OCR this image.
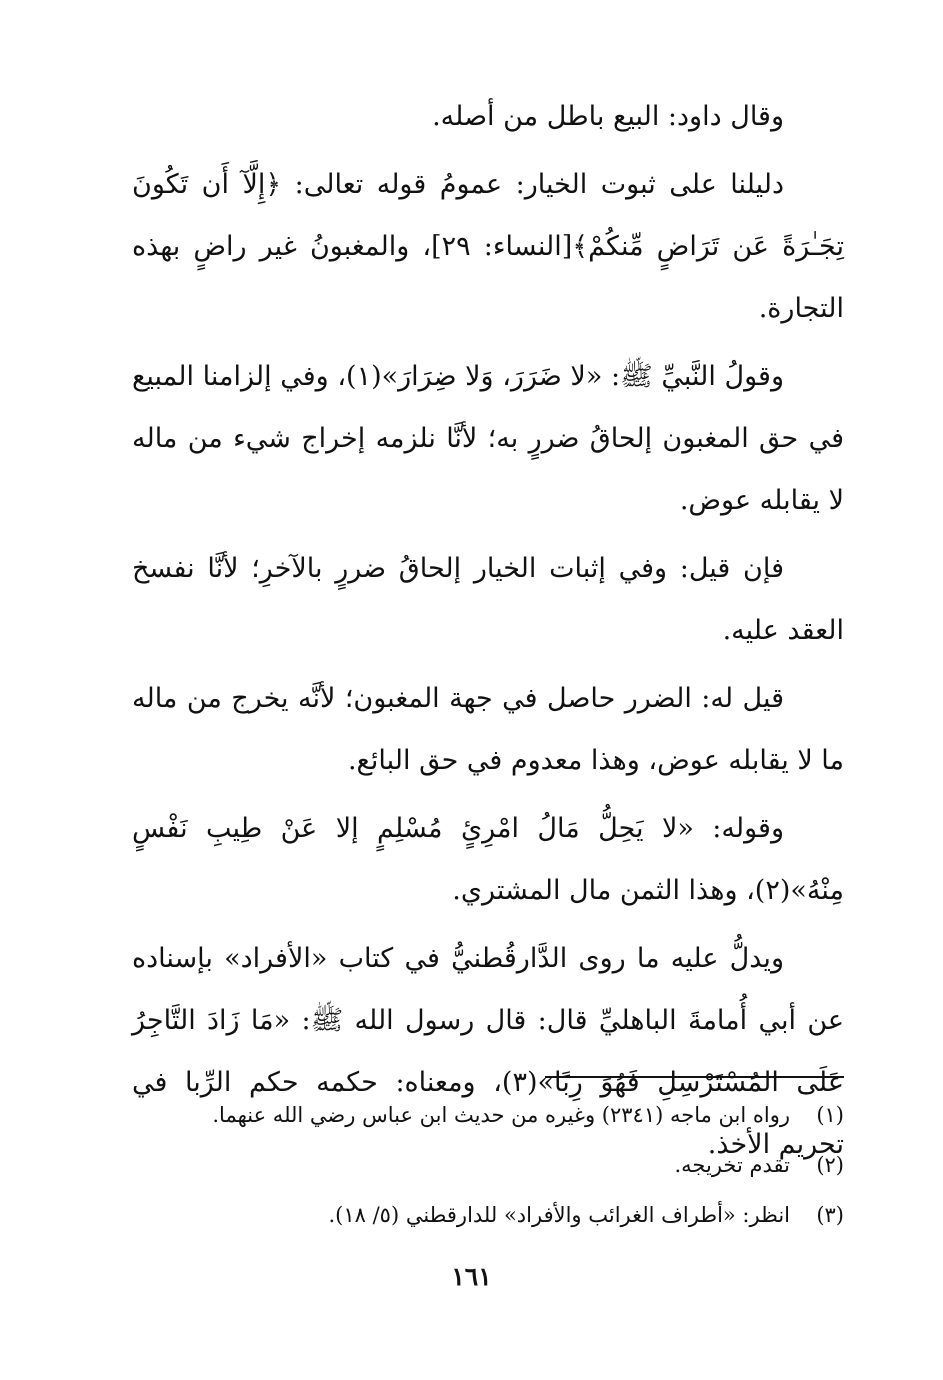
وقال داود: البيع باطل من أصله.

دليلنا على ثبوت الخيار: عمومُ قوله تعالى: ﴿إِلَّآ أَن تَكُونَ تِجَـٰرَةً عَن تَرَاضٍ مِّنكُمْ﴾[النساء: ٢٩]، والمغبونُ غير راضٍ بهذه التجارة.

وقولُ النَّبيِّ ﷺ: «لا ضَرَرَ، وَلا ضِرَارَ»(١)، وفي إلزامنا المبيع في حق المغبون إلحاقُ ضررٍ به؛ لأنَّا نلزمه إخراج شيء من ماله لا يقابله عوض.

فإن قيل: وفي إثبات الخيار إلحاقُ ضررٍ بالآخرِ؛ لأنَّا نفسخ العقد عليه.

قيل له: الضرر حاصل في جهة المغبون؛ لأنَّه يخرج من ماله ما لا يقابله عوض، وهذا معدوم في حق البائع.

وقوله: «لا يَحِلُّ مَالُ امْرِئٍ مُسْلِمٍ إلا عَنْ طِيبِ نَفْسٍ مِنْهُ»(٢)، وهذا الثمن مال المشتري.

ويدلُّ عليه ما روى الدَّارقُطنيُّ في كتاب «الأفراد» بإسناده عن أبي أُمامةَ الباهليِّ قال: قال رسول الله ﷺ: «مَا زَادَ التَّاجِرُ عَلَى المُسْتَرْسِلِ فَهُوَ رِبًا»(٣)، ومعناه: حكمه حكم الرِّبا في تحريم الأخذ.

(١)
رواه ابن ماجه (٢٣٤١) وغيره من حديث ابن عباس رضي الله عنهما.
(٢)
تقدم تخريجه.
(٣)
انظر: «أطراف الغرائب والأفراد» للدارقطني (٥/ ١٨).
١٦١
